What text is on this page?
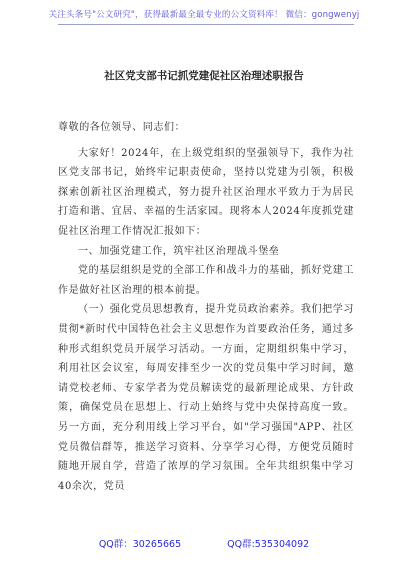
关注头条号"公文研究"，获得最新最全最专业的公文资料库！ 微信：gongwenyj
社区党支部书记抓党建促社区治理述职报告

尊敬的各位领导、同志们：

大家好！2024年，在上级党组织的坚强领导下，我作为社区党支部书记，始终牢记职责使命，坚持以党建为引领，积极探索创新社区治理模式，努力提升社区治理水平致力于为居民打造和谐、宜居、幸福的生活家园。现将本人2024年度抓党建促社区治理工作情况汇报如下：

一、加强党建工作，筑牢社区治理战斗堡垒

党的基层组织是党的全部工作和战斗力的基础，抓好党建工作是做好社区治理的根本前提。

（一）强化党员思想教育，提升党员政治素养。我们把学习贯彻*新时代中国特色社会主义思想作为首要政治任务，通过多种形式组织党员开展学习活动。一方面，定期组织集中学习，利用社区会议室，每周安排至少一次的党员集中学习时间，邀请党校老师、专家学者为党员解读党的最新理论成果、方针政策，确保党员在思想上、行动上始终与党中央保持高度一致。另一方面，充分利用线上学习平台，如"学习强国"APP、社区党员微信群等，推送学习资料、分享学习心得，方便党员随时随地开展自学，营造了浓厚的学习氛围。全年共组织集中学习40余次，党员

QQ群：30265665	QQ群:535304092
